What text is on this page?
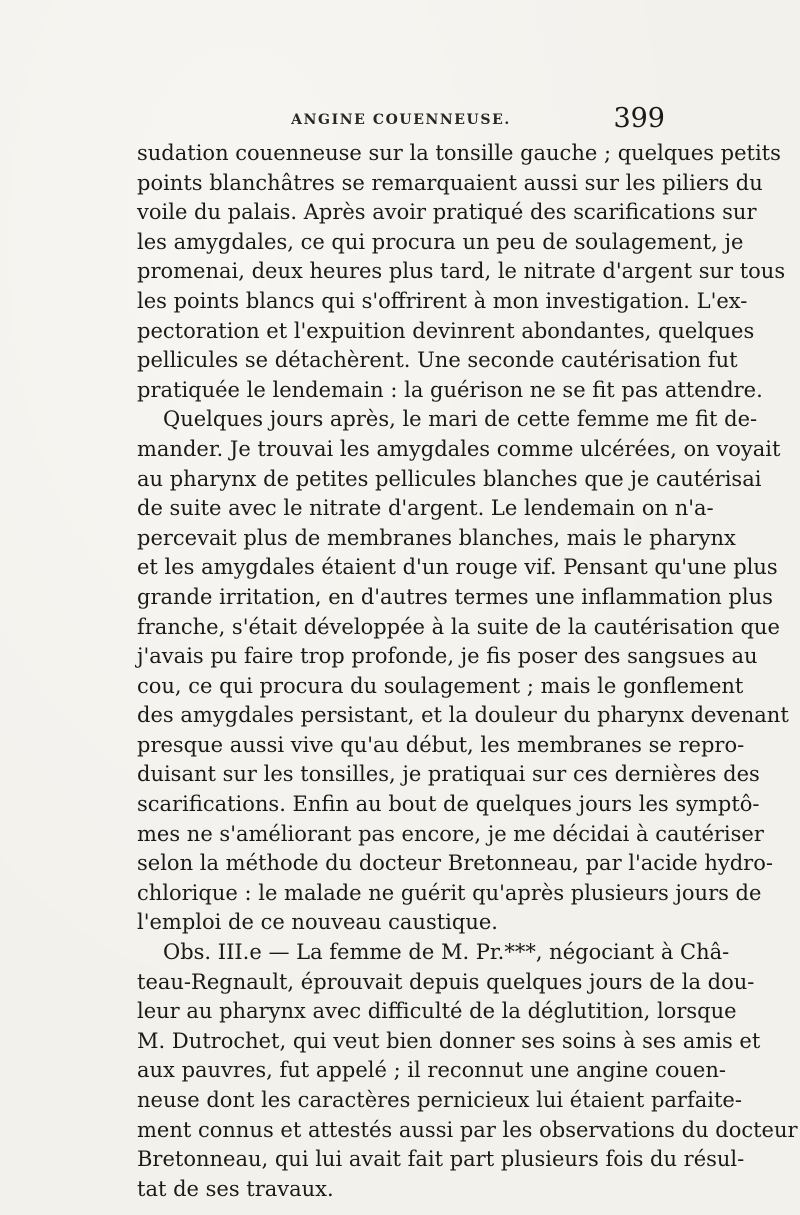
ANGINE COUENNEUSE.	399
sudation couenneuse sur la tonsille gauche ; quelques petits
points blanchâtres se remarquaient aussi sur les piliers du
voile du palais. Après avoir pratiqué des scarifications sur
les amygdales, ce qui procura un peu de soulagement, je
promenai, deux heures plus tard, le nitrate d'argent sur tous
les points blancs qui s'offrirent à mon investigation. L'ex-
pectoration et l'expuition devinrent abondantes, quelques
pellicules se détachèrent. Une seconde cautérisation fut
pratiquée le lendemain : la guérison ne se fit pas attendre.
Quelques jours après, le mari de cette femme me fit de-
mander. Je trouvai les amygdales comme ulcérées, on voyait
au pharynx de petites pellicules blanches que je cautérisai
de suite avec le nitrate d'argent. Le lendemain on n'a-
percevait plus de membranes blanches, mais le pharynx
et les amygdales étaient d'un rouge vif. Pensant qu'une plus
grande irritation, en d'autres termes une inflammation plus
franche, s'était développée à la suite de la cautérisation que
j'avais pu faire trop profonde, je fis poser des sangsues au
cou, ce qui procura du soulagement ; mais le gonflement
des amygdales persistant, et la douleur du pharynx devenant
presque aussi vive qu'au début, les membranes se repro-
duisant sur les tonsilles, je pratiquai sur ces dernières des
scarifications. Enfin au bout de quelques jours les symptô-
mes ne s'améliorant pas encore, je me décidai à cautériser
selon la méthode du docteur Bretonneau, par l'acide hydro-
chlorique : le malade ne guérit qu'après plusieurs jours de
l'emploi de ce nouveau caustique.
Obs. III.e — La femme de M. Pr.***, négociant à Châ-
teau-Regnault, éprouvait depuis quelques jours de la dou-
leur au pharynx avec difficulté de la déglutition, lorsque
M. Dutrochet, qui veut bien donner ses soins à ses amis et
aux pauvres, fut appelé ; il reconnut une angine couen-
neuse dont les caractères pernicieux lui étaient parfaite-
ment connus et attestés aussi par les observations du docteur
Bretonneau, qui lui avait fait part plusieurs fois du résul-
tat de ses travaux.
